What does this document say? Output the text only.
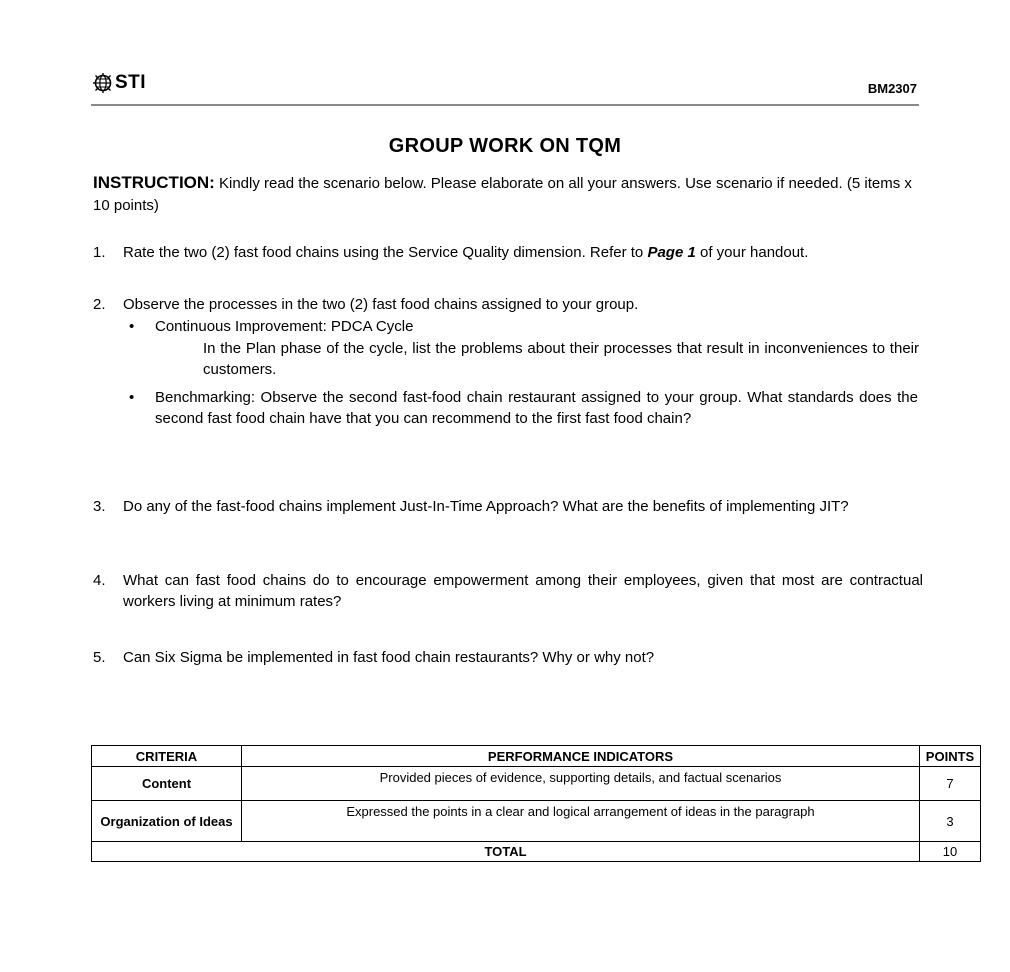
STI	BM2307
GROUP WORK ON TQM
INSTRUCTION: Kindly read the scenario below. Please elaborate on all your answers. Use scenario if needed. (5 items x 10 points)
1. Rate the two (2) fast food chains using the Service Quality dimension. Refer to Page 1 of your handout.
2. Observe the processes in the two (2) fast food chains assigned to your group.
• Continuous Improvement: PDCA Cycle
In the Plan phase of the cycle, list the problems about their processes that result in inconveniences to their customers.
• Benchmarking: Observe the second fast-food chain restaurant assigned to your group. What standards does the second fast food chain have that you can recommend to the first fast food chain?
3. Do any of the fast-food chains implement Just-In-Time Approach? What are the benefits of implementing JIT?
4. What can fast food chains do to encourage empowerment among their employees, given that most are contractual workers living at minimum rates?
5. Can Six Sigma be implemented in fast food chain restaurants? Why or why not?
CRITERIA	PERFORMANCE INDICATORS	POINTS
Content	Provided pieces of evidence, supporting details, and factual scenarios	7
Organization of Ideas	Expressed the points in a clear and logical arrangement of ideas in the paragraph	3
TOTAL		10
